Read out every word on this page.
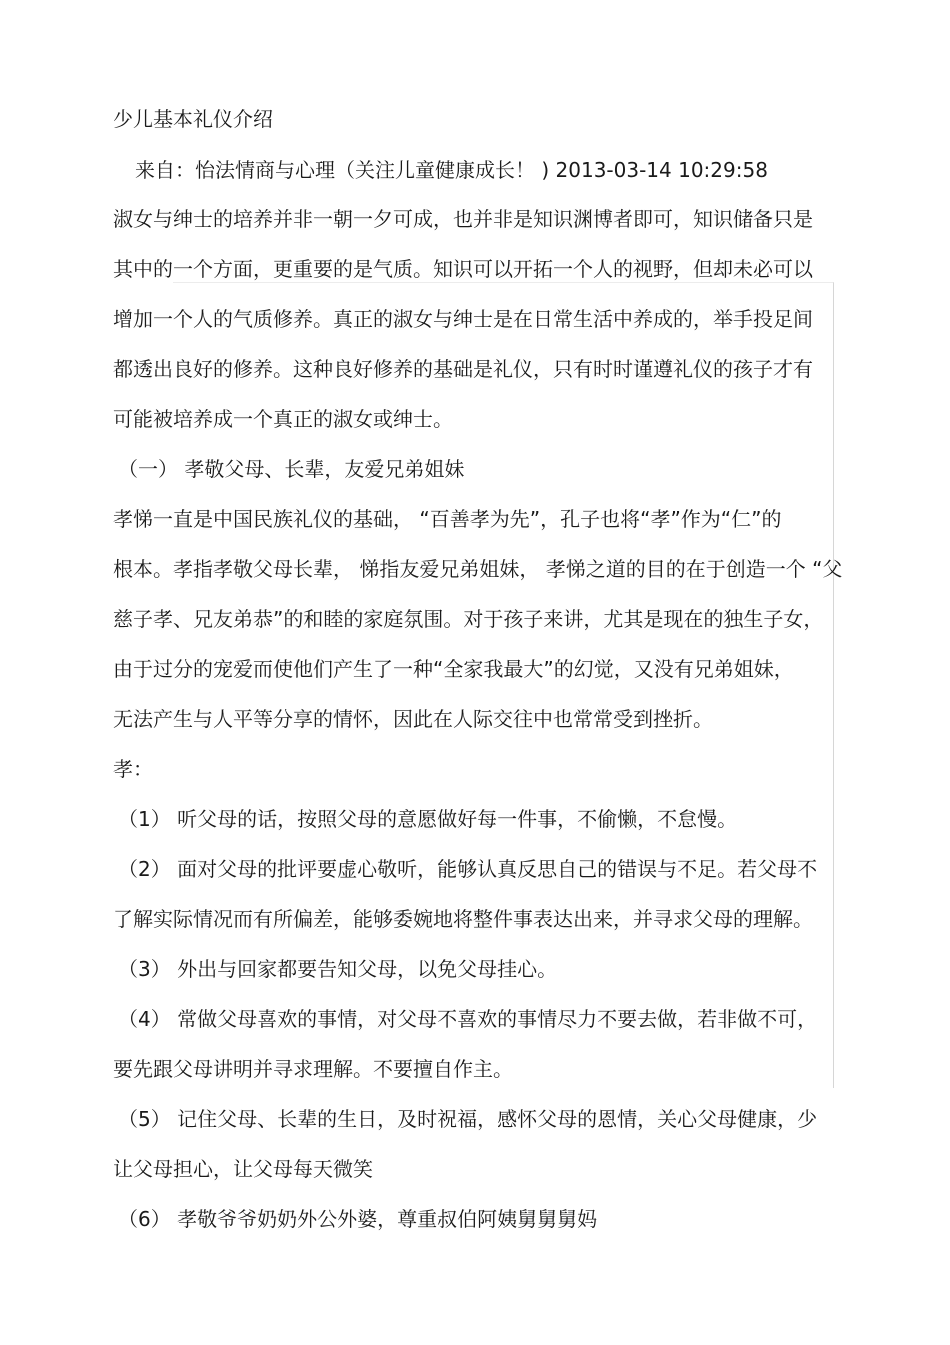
少儿基本礼仪介绍
来自：怡法情商与心理（关注儿童健康成长！ ) 2013-03-14 10:29:58
淑女与绅士的培养并非一朝一夕可成，也并非是知识渊博者即可，知识储备只是
其中的一个方面，更重要的是气质。知识可以开拓一个人的视野，但却未必可以
增加一个人的气质修养。真正的淑女与绅士是在日常生活中养成的，举手投足间
都透出良好的修养。这种良好修养的基础是礼仪，只有时时谨遵礼仪的孩子才有
可能被培养成一个真正的淑女或绅士。
（一） 孝敬父母、长辈，友爱兄弟姐妹
孝悌一直是中国民族礼仪的基础， “百善孝为先”，孔子也将“孝”作为“仁”的
根本。孝指孝敬父母长辈， 悌指友爱兄弟姐妹， 孝悌之道的目的在于创造一个 “父
慈子孝、兄友弟恭”的和睦的家庭氛围。对于孩子来讲，尤其是现在的独生子女，
由于过分的宠爱而使他们产生了一种“全家我最大”的幻觉，又没有兄弟姐妹，
无法产生与人平等分享的情怀，因此在人际交往中也常常受到挫折。
孝：
（1） 听父母的话，按照父母的意愿做好每一件事，不偷懒，不怠慢。
（2） 面对父母的批评要虚心敬听，能够认真反思自己的错误与不足。若父母不
了解实际情况而有所偏差，能够委婉地将整件事表达出来，并寻求父母的理解。
（3） 外出与回家都要告知父母，以免父母挂心。
（4） 常做父母喜欢的事情，对父母不喜欢的事情尽力不要去做，若非做不可，
要先跟父母讲明并寻求理解。不要擅自作主。
（5） 记住父母、长辈的生日，及时祝福，感怀父母的恩情，关心父母健康，少
让父母担心，让父母每天微笑
（6） 孝敬爷爷奶奶外公外婆，尊重叔伯阿姨舅舅舅妈
